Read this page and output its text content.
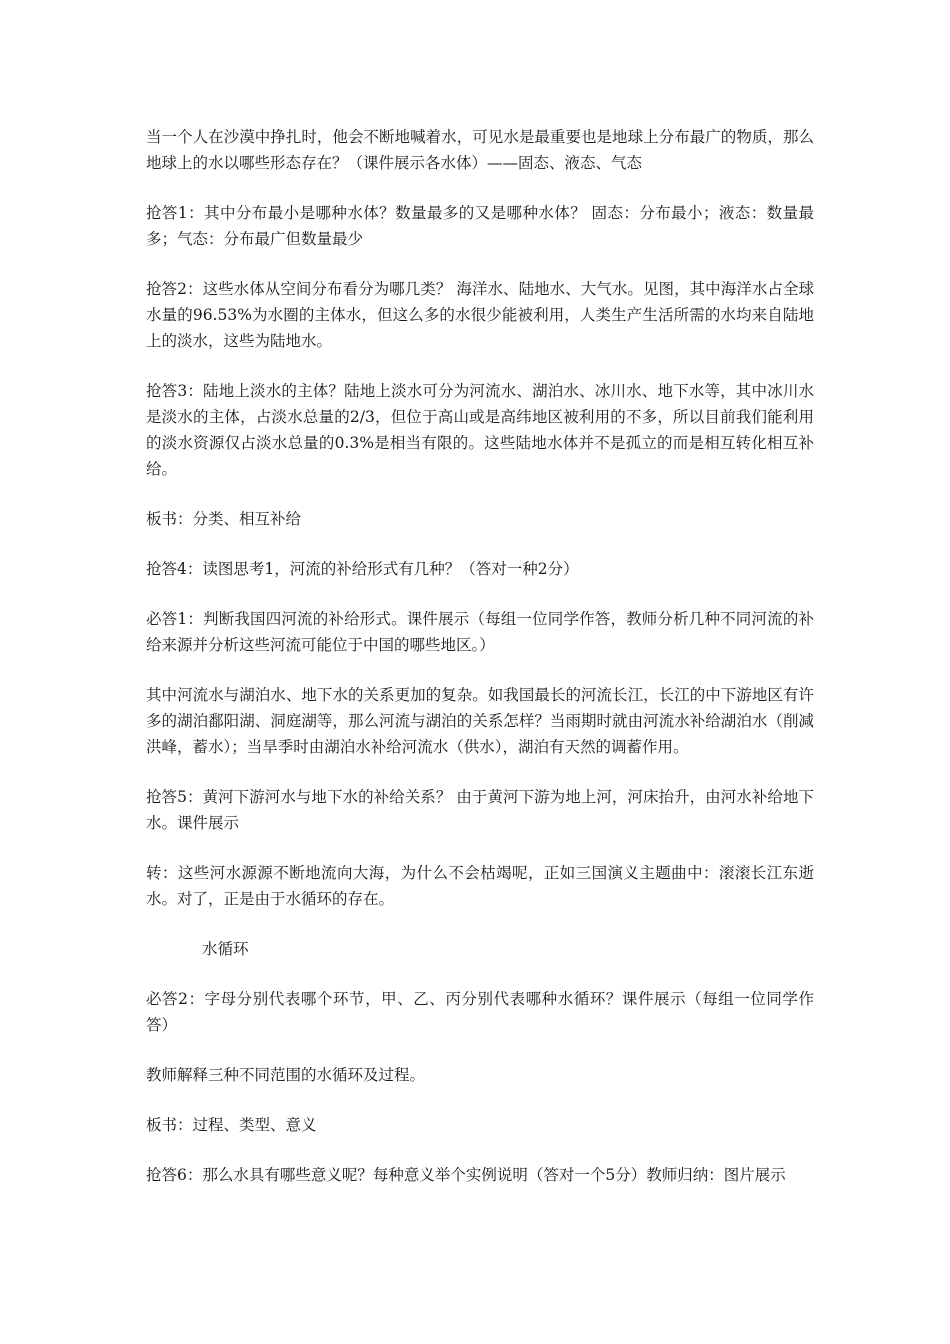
当一个人在沙漠中挣扎时，他会不断地喊着水，可见水是最重要也是地球上分布最广的物质，那么地球上的水以哪些形态存在？（课件展示各水体）——固态、液态、气态

抢答1：其中分布最小是哪种水体？数量最多的又是哪种水体？ 固态：分布最小；液态：数量最多；气态：分布最广但数量最少

抢答2：这些水体从空间分布看分为哪几类？ 海洋水、陆地水、大气水。见图，其中海洋水占全球水量的96.53%为水圈的主体水，但这么多的水很少能被利用，人类生产生活所需的水均来自陆地上的淡水，这些为陆地水。

抢答3：陆地上淡水的主体？陆地上淡水可分为河流水、湖泊水、冰川水、地下水等，其中冰川水是淡水的主体，占淡水总量的2/3，但位于高山或是高纬地区被利用的不多，所以目前我们能利用的淡水资源仅占淡水总量的0.3%是相当有限的。这些陆地水体并不是孤立的而是相互转化相互补给。

板书：分类、相互补给

抢答4：读图思考1，河流的补给形式有几种？（答对一种2分）

必答1：判断我国四河流的补给形式。课件展示（每组一位同学作答，教师分析几种不同河流的补给来源并分析这些河流可能位于中国的哪些地区。）

其中河流水与湖泊水、地下水的关系更加的复杂。如我国最长的河流长江，长江的中下游地区有许多的湖泊鄱阳湖、洞庭湖等，那么河流与湖泊的关系怎样？当雨期时就由河流水补给湖泊水（削减洪峰，蓄水）；当旱季时由湖泊水补给河流水（供水），湖泊有天然的调蓄作用。

抢答5：黄河下游河水与地下水的补给关系？ 由于黄河下游为地上河，河床抬升，由河水补给地下水。课件展示

转：这些河水源源不断地流向大海，为什么不会枯竭呢，正如三国演义主题曲中：滚滚长江东逝水。对了，正是由于水循环的存在。

水循环

必答2：字母分别代表哪个环节，甲、乙、丙分别代表哪种水循环？课件展示（每组一位同学作答）

教师解释三种不同范围的水循环及过程。

板书：过程、类型、意义

抢答6：那么水具有哪些意义呢？每种意义举个实例说明（答对一个5分）教师归纳：图片展示
